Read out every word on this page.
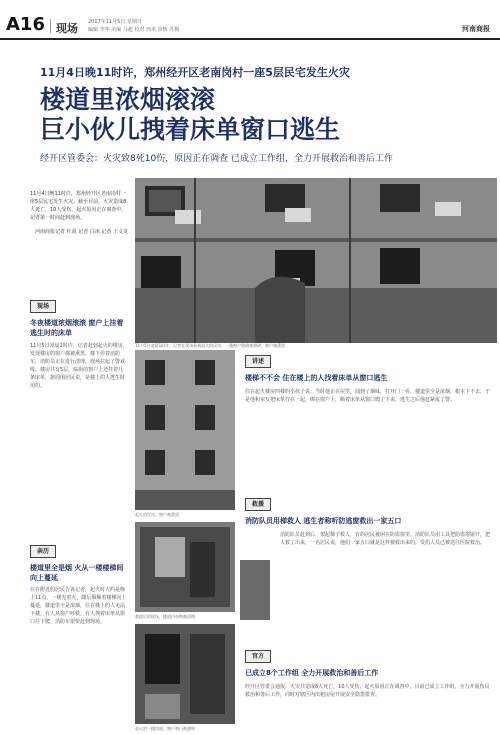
A16 现场 2017年11月5日 星期日
编辑 李华 美编 马超 校对 西米 审核 苏梅	河南商报
11月4日晚11时许，郑州经开区老南岗村一座5层民宅发生火灾
楼道里浓烟滚滚
巨小伙儿拽着床单窗口逃生
经开区管委会：火灾致8死10伤，原因正在调查 已成立工作组，全力开展救治和善后工作
11月4日晚11时许，郑州经开区老南岗村一座5层民宅发生火灾。截至目前，火灾造成8人死亡，10人受伤，起火原因正在调查中。记者第一时间赶到现场。
河南商报记者 杜盈 记者 白冰 记者 王文龙
11月5日凌晨1时许，记者在现场看到起火的民房，一楼窗户玻璃被烧碎，窗户被熏黑
现场
冬夜楼道浓烟滚滚 窗户上挂着逃生时的床单
11月5日凌晨1时许，记者赶到起火的楼房，发现楼房的窗户都被熏黑，楼下停着消防车，消防员正在进行清理，现场拉起了警戒线。楼房共有5层，临街的窗户上还挂着几条床单，据周围居民说，是楼上的人逃生时用的。
亲历
楼道里全是烟 火从一楼楼梯间向上蔓延
住在附近的居民告诉记者，起火时大约是晚上11点，一楼先着火，随后烟顺着楼梯向上蔓延，楼道里全是浓烟，住在楼上的人无法下楼，有人从窗户呼救，有人拽着床单从窗口往下爬，消防车很快赶到现场。
起火的民房，窗户被熏黑
救援后的现场，楼道内杂物被清理
起火的一楼房间，窗户和门被烧毁
讲述
楼梯不不会 住在楼上的人找着床单从窗口逃生
住在起火楼房四楼的小伙子说，当时他正在屋里，闻到了烟味，打开门一看，楼道里全是浓烟，根本下不去，于是他和室友把床单拧在一起，绑在窗户上，顺着床单从窗口爬了下来，逃生之后他赶紧报了警。
救援
消防队员用梯救人 逃生者称听防逃窗救出一家五口
消防队员赶到后，架起梯子救人，有的居民被困在防盗窗里，消防队员用工具把防盗窗锯开，把人救了出来，一名居民说，他们一家五口就是这样被救出来的，受伤人员已被送往医院救治。
官方
已成立8个工作组 全力开展救治和善后工作
经开区管委会通报，火灾共造成8人死亡，10人受伤，起火原因正在调查中，目前已成立工作组，全力开展伤员救治和善后工作，同时对辖区内出租房屋开展安全隐患排查。
